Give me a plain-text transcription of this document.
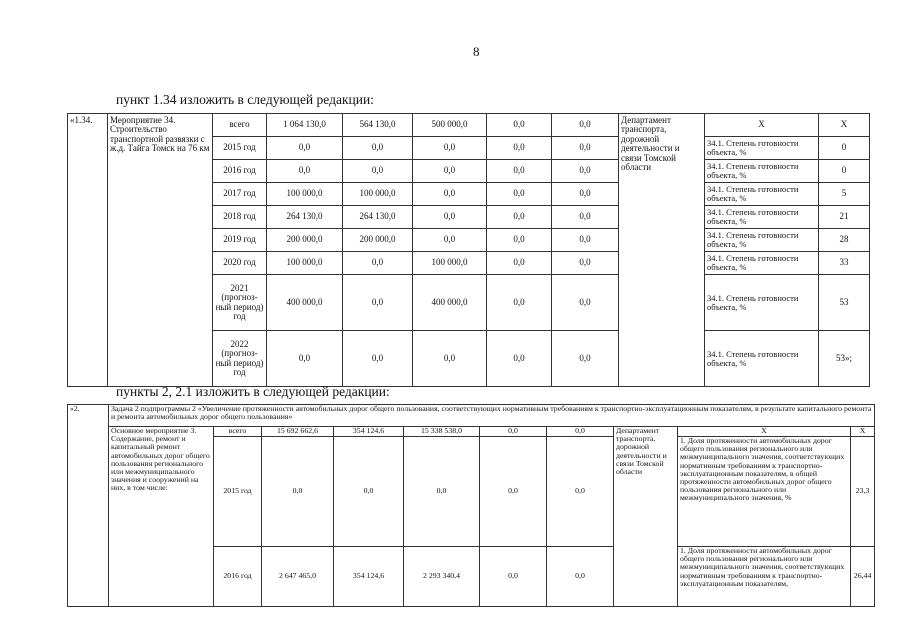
8
пункт 1.34 изложить в следующей редакции:
«1.34.	Мероприятие 34. Строительство транспортной развязки с ж.д. Тайга Томск на 76 км	всего	1 064 130,0	564 130,0	500 000,0	0,0	0,0	Департамент транспорта, дорожной деятельности и связи Томской области	X	X
		2015 год	0,0	0,0	0,0	0,0	0,0		34.1. Степень готовности объекта, %	0
		2016 год	0,0	0,0	0,0	0,0	0,0		34.1. Степень готовности объекта, %	0
		2017 год	100 000,0	100 000,0	0,0	0,0	0,0		34.1. Степень готовности объекта, %	5
		2018 год	264 130,0	264 130,0	0,0	0,0	0,0		34.1. Степень готовности объекта, %	21
		2019 год	200 000,0	200 000,0	0,0	0,0	0,0		34.1. Степень готовности объекта, %	28
		2020 год	100 000,0	0,0	100 000,0	0,0	0,0		34.1. Степень готовности объекта, %	33
		2021 (прогноз-ный период) год	400 000,0	0,0	400 000,0	0,0	0,0		34.1. Степень готовности объекта, %	53
		2022 (прогноз-ный период) год	0,0	0,0	0,0	0,0	0,0		34.1. Степень готовности объекта, %	53»;
пункты 2, 2.1 изложить в следующей редакции:
«2.	Задача 2 подпрограммы 2 «Увеличение протяженности автомобильных дорог общего пользования, соответствующих нормативным требованиям к транспортно-эксплуатационным показателям, в результате капитального ремонта и ремонта автомобильных дорог общего пользования»									
	Основное мероприятие 3. Содержание, ремонт и капитальный ремонт автомобильных дорог общего пользования регионального или межмуниципального значения и сооружений на них, в том числе:	всего	15 692 662,6	354 124,6	15 338 538,0	0,0	0,0	Департамент транспорта, дорожной деятельности и связи Томской области	X	X
		2015 год	0,0	0,0	0,0	0,0	0,0		1. Доля протяженности автомобильных дорог общего пользования регионального или межмуниципального значения, соответствующих нормативным требованиям к транспортно-эксплуатационным показателям, в общей протяженности автомобильных дорог общего пользования регионального или межмуниципального значения, %	23,3
		2016 год	2 647 465,0	354 124,6	2 293 340,4	0,0	0,0		1. Доля протяженности автомобильных дорог общего пользования регионального или межмуниципального значения, соответствующих нормативным требованиям к транспортно-эксплуатационным показателям,	26,44
